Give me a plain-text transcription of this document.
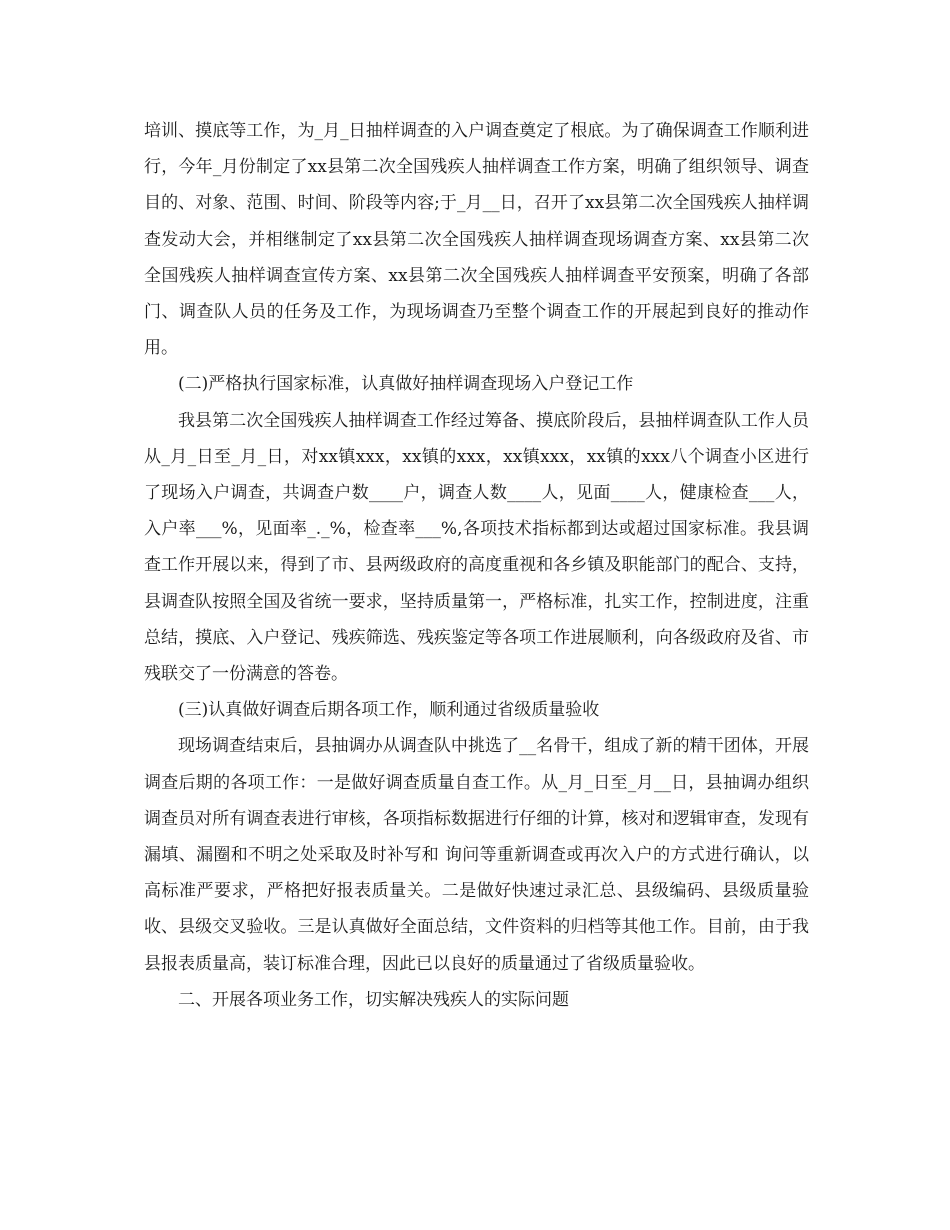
培训、摸底等工作，为_月_日抽样调查的入户调查奠定了根底。为了确保调查工作顺利进行，今年_月份制定了xx县第二次全国残疾人抽样调查工作方案，明确了组织领导、调查目的、对象、范围、时间、阶段等内容;于_月__日，召开了xx县第二次全国残疾人抽样调查发动大会，并相继制定了xx县第二次全国残疾人抽样调查现场调查方案、xx县第二次全国残疾人抽样调查宣传方案、xx县第二次全国残疾人抽样调查平安预案，明确了各部门、调查队人员的任务及工作，为现场调查乃至整个调查工作的开展起到良好的推动作用。

(二)严格执行国家标准，认真做好抽样调查现场入户登记工作

我县第二次全国残疾人抽样调查工作经过筹备、摸底阶段后，县抽样调查队工作人员从_月_日至_月_日，对xx镇xxx，xx镇的xxx，xx镇xxx，xx镇的xxx八个调查小区进行了现场入户调查，共调查户数____户，调查人数____人，见面____人，健康检查___人，入户率___%，见面率_._%，检查率___%,各项技术指标都到达或超过国家标准。我县调查工作开展以来，得到了市、县两级政府的高度重视和各乡镇及职能部门的配合、支持，县调查队按照全国及省统一要求，坚持质量第一，严格标准，扎实工作，控制进度，注重总结，摸底、入户登记、残疾筛选、残疾鉴定等各项工作进展顺利，向各级政府及省、市残联交了一份满意的答卷。

(三)认真做好调查后期各项工作，顺利通过省级质量验收

现场调查结束后，县抽调办从调查队中挑选了__名骨干，组成了新的精干团体，开展调查后期的各项工作：一是做好调查质量自查工作。从_月_日至_月__日，县抽调办组织调查员对所有调查表进行审核，各项指标数据进行仔细的计算，核对和逻辑审查，发现有漏填、漏圈和不明之处采取及时补写和 询问等重新调查或再次入户的方式进行确认，以高标准严要求，严格把好报表质量关。二是做好快速过录汇总、县级编码、县级质量验收、县级交叉验收。三是认真做好全面总结，文件资料的归档等其他工作。目前，由于我县报表质量高，装订标准合理，因此已以良好的质量通过了省级质量验收。

二、开展各项业务工作，切实解决残疾人的实际问题
